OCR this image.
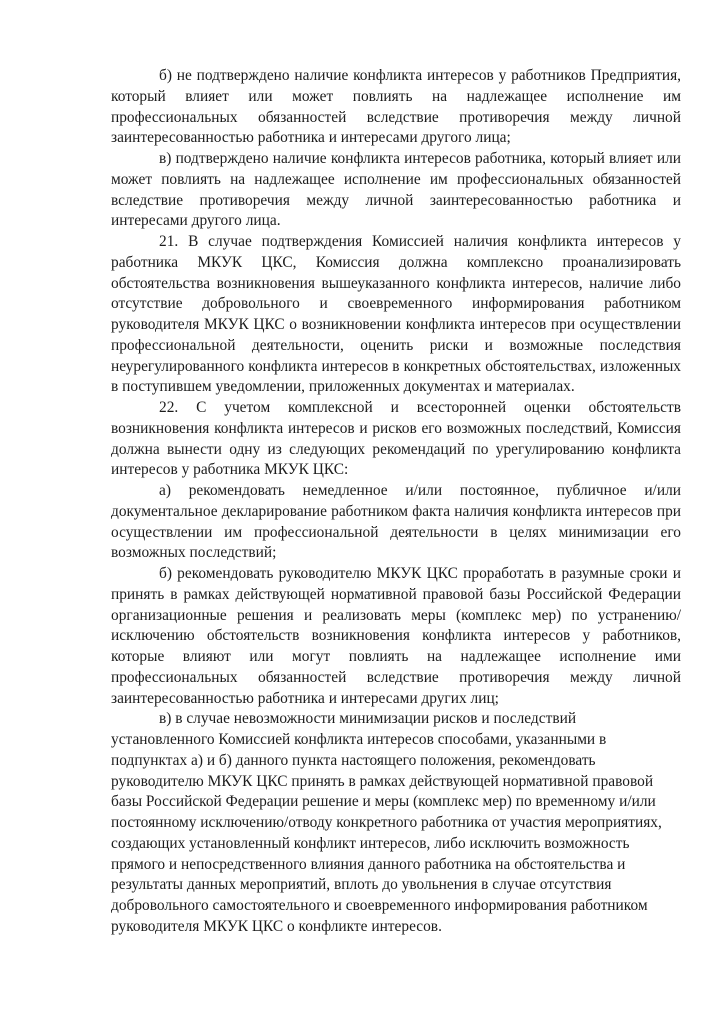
б) не подтверждено наличие конфликта интересов у работников Предприятия, который влияет или может повлиять на надлежащее исполнение им профессиональных обязанностей вследствие противоречия между личной заинтересованностью работника и интересами другого лица;

в) подтверждено наличие конфликта интересов работника, который влияет или может повлиять на надлежащее исполнение им профессиональных обязанностей вследствие противоречия между личной заинтересованностью работника и интересами другого лица.

21. В случае подтверждения Комиссией наличия конфликта интересов у работника МКУК ЦКС, Комиссия должна комплексно проанализировать обстоятельства возникновения вышеуказанного конфликта интересов, наличие либо отсутствие добровольного и своевременного информирования работником руководителя МКУК ЦКС о возникновении конфликта интересов при осуществлении профессиональной деятельности, оценить риски и возможные последствия неурегулированного конфликта интересов в конкретных обстоятельствах, изложенных в поступившем уведомлении, приложенных документах и материалах.

22. С учетом комплексной и всесторонней оценки обстоятельств возникновения конфликта интересов и рисков его возможных последствий, Комиссия должна вынести одну из следующих рекомендаций по урегулированию конфликта интересов у работника МКУК ЦКС:

а) рекомендовать немедленное и/или постоянное, публичное и/или документальное декларирование работником факта наличия конфликта интересов при осуществлении им профессиональной деятельности в целях минимизации его возможных последствий;

б) рекомендовать руководителю МКУК ЦКС проработать в разумные сроки и принять в рамках действующей нормативной правовой базы Российской Федерации организационные решения и реализовать меры (комплекс мер) по устранению/ исключению обстоятельств возникновения конфликта интересов у работников, которые влияют или могут повлиять на надлежащее исполнение ими профессиональных обязанностей вследствие противоречия между личной заинтересованностью работника и интересами других лиц;

в) в случае невозможности минимизации рисков и последствий установленного Комиссией конфликта интересов способами, указанными в подпунктах а) и б) данного пункта настоящего положения, рекомендовать руководителю МКУК ЦКС принять в рамках действующей нормативной правовой базы Российской Федерации решение и меры (комплекс мер) по временному и/или постоянному исключению/отводу конкретного работника от участия мероприятиях, создающих установленный конфликт интересов, либо исключить возможность прямого и непосредственного влияния данного работника на обстоятельства и результаты данных мероприятий, вплоть до увольнения в случае отсутствия добровольного самостоятельного и своевременного информирования работником руководителя МКУК ЦКС о конфликте интересов.
